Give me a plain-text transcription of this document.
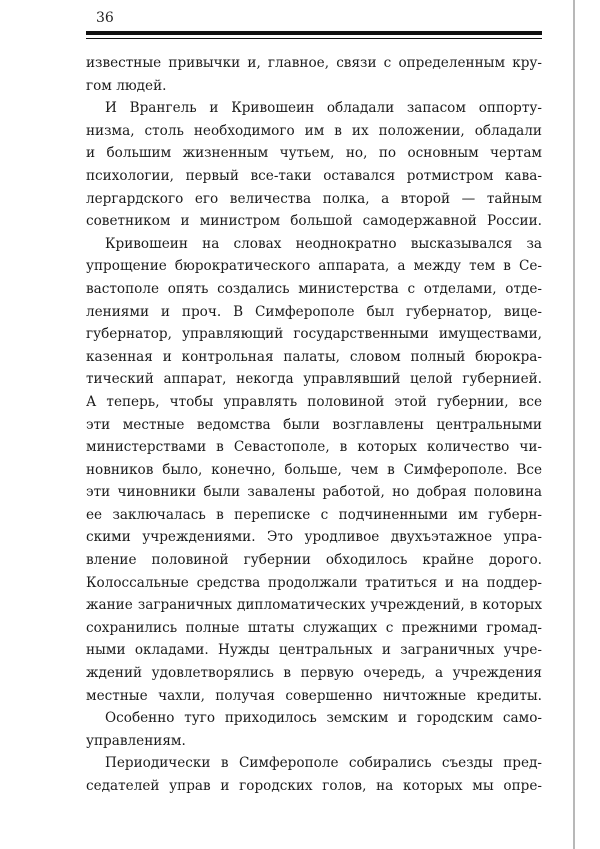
36
известные привычки и, главное, связи с определенным кру-
гом людей.
И Врангель и Кривошеин обладали запасом оппорту-
низма, столь необходимого им в их положении, обладали
и большим жизненным чутьем, но, по основным чертам
психологии, первый все-таки оставался ротмистром кава-
лергардского его величества полка, а второй — тайным
советником и министром большой самодержавной России.
Кривошеин на словах неоднократно высказывался за
упрощение бюрократического аппарата, а между тем в Се-
вастополе опять создались министерства с отделами, отде-
лениями и проч. В Симферополе был губернатор, вице-
губернатор, управляющий государственными имуществами,
казенная и контрольная палаты, словом полный бюрокра-
тический аппарат, некогда управлявший целой губернией.
А теперь, чтобы управлять половиной этой губернии, все
эти местные ведомства были возглавлены центральными
министерствами в Севастополе, в которых количество чи-
новников было, конечно, больше, чем в Симферополе. Все
эти чиновники были завалены работой, но добрая половина
ее заключалась в переписке с подчиненными им губерн-
скими учреждениями. Это уродливое двухъэтажное упра-
вление половиной губернии обходилось крайне дорого.
Колоссальные средства продолжали тратиться и на поддер-
жание заграничных дипломатических учреждений, в которых
сохранились полные штаты служащих с прежними громад-
ными окладами. Нужды центральных и заграничных учре-
ждений удовлетворялись в первую очередь, а учреждения
местные чахли, получая совершенно ничтожные кредиты.
Особенно туго приходилось земским и городским само-
управлениям.
Периодически в Симферополе собирались съезды пред-
седателей управ и городских голов, на которых мы опре-
